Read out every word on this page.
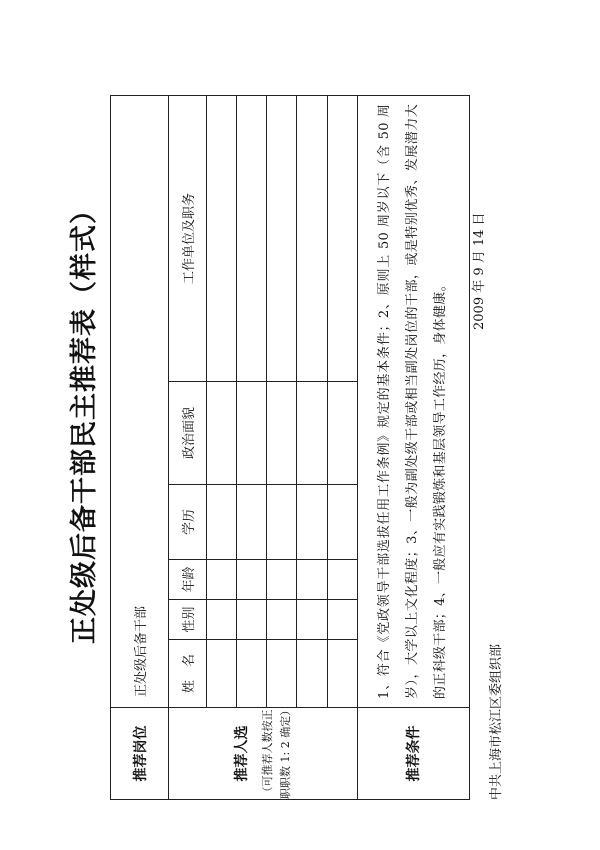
正处级后备干部民主推荐表（样式）
推荐岗位	正处级后备干部					
推荐人选 （可推荐人数按正职职数 1: 2 确定）	姓　名	性别	年龄	学历	政治面貌	工作单位及职务

推荐条件	1、符合《党政领导干部选拔任用工作条例》规定的基本条件；2、原则上 50 周岁以下（含 50 周岁），大学以上文化程度；3、一般为副处级干部或相当副处岗位的干部，或是特别优秀、发展潜力大的正科级干部；4、一般应有实践锻炼和基层领导工作经历，身体健康。					
2009 年 9 月 14 日
中共上海市松江区委组织部
